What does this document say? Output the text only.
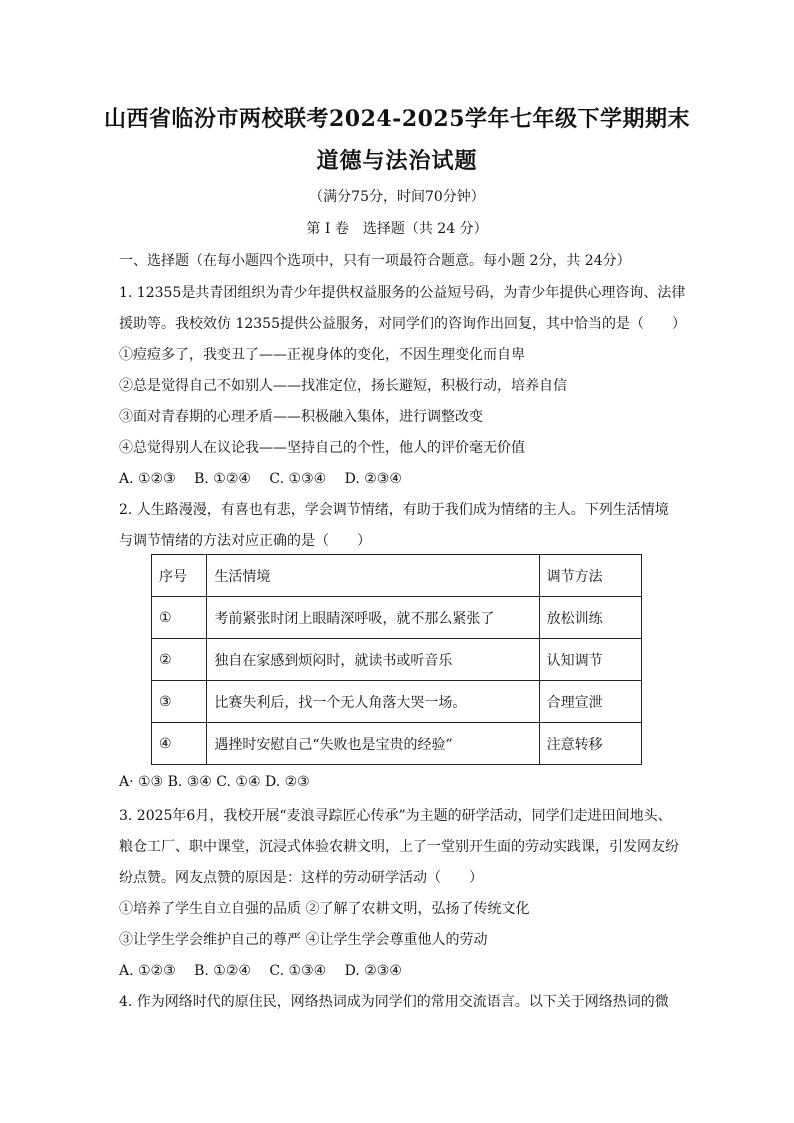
山西省临汾市两校联考2024-2025学年七年级下学期期末
道德与法治试题
（满分75分，时间70分钟）
第 I 卷　选择题（共 24 分）
一、选择题（在每小题四个选项中，只有一项最符合题意。每小题 2分，共 24分）
1. 12355是共青团组织为青少年提供权益服务的公益短号码，为青少年提供心理咨询、法律
援助等。我校效仿 12355提供公益服务，对同学们的咨询作出回复，其中恰当的是（　　）
①痘痘多了，我变丑了——正视身体的变化，不因生理变化而自卑
②总是觉得自己不如别人——找准定位，扬长避短，积极行动，培养自信
③面对青春期的心理矛盾——积极融入集体，进行调整改变
④总觉得别人在议论我——坚持自己的个性，他人的评价毫无价值
A. ①②③　 B. ①②④　 C. ①③④　 D. ②③④
2. 人生路漫漫，有喜也有悲，学会调节情绪，有助于我们成为情绪的主人。下列生活情境
与调节情绪的方法对应正确的是（　　）
序号	生活情境	调节方法
①	考前紧张时闭上眼睛深呼吸，就不那么紧张了	放松训练
②	独自在家感到烦闷时，就读书或听音乐	认知调节
③	比赛失利后，找一个无人角落大哭一场。	合理宣泄
④	遇挫时安慰自己“失败也是宝贵的经验”	注意转移
A· ①③ B. ③④ C. ①④ D. ②③
3. 2025年6月，我校开展“麦浪寻踪匠心传承”为主题的研学活动，同学们走进田间地头、
粮仓工厂、职中课堂，沉浸式体验农耕文明，上了一堂别开生面的劳动实践课，引发网友纷
纷点赞。网友点赞的原因是：这样的劳动研学活动（　　）
①培养了学生自立自强的品质 ②了解了农耕文明，弘扬了传统文化
③让学生学会维护自己的尊严 ④让学生学会尊重他人的劳动
A. ①②③　 B. ①②④　 C. ①③④　 D. ②③④
4. 作为网络时代的原住民，网络热词成为同学们的常用交流语言。以下关于网络热词的微
